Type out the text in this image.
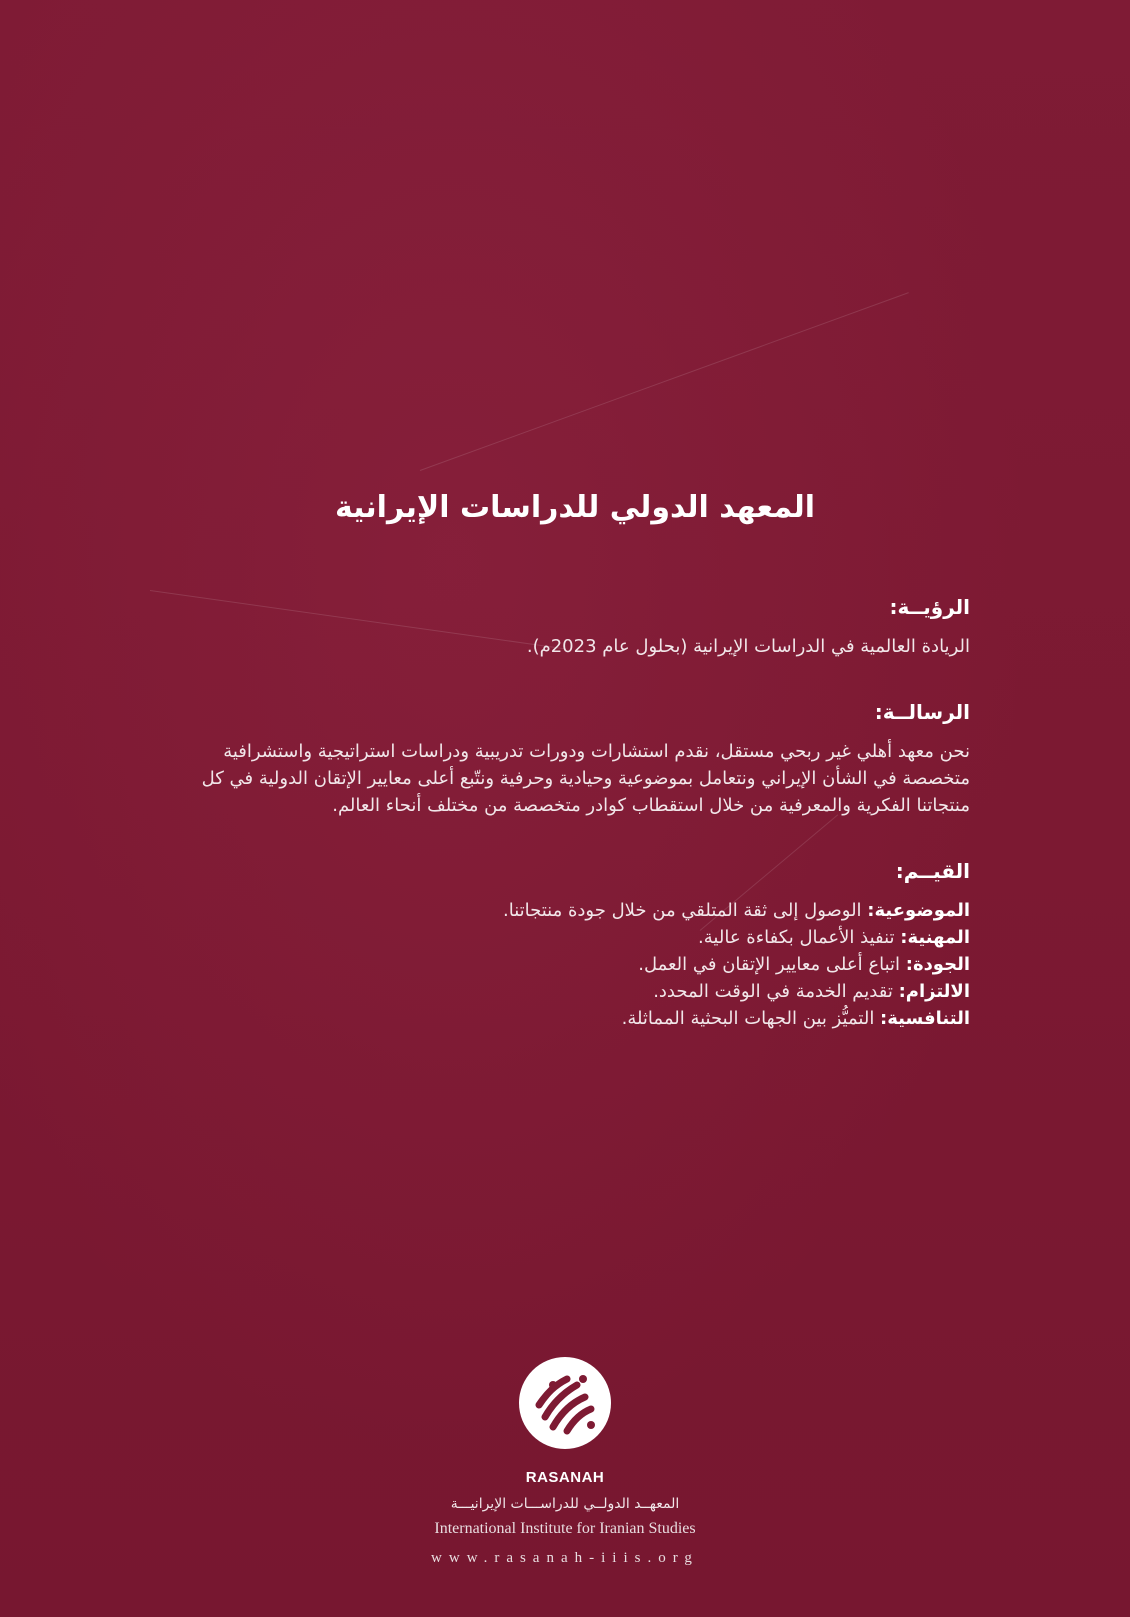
المعهد الدولي للدراسات الإيرانية
الرؤيــة:
الريادة العالمية في الدراسات الإيرانية (بحلول عام 2023م).
الرسالــة:
نحن معهد أهلي غير ربحي مستقل، نقدم استشارات ودورات تدريبية ودراسات استراتيجية واستشرافية متخصصة في الشأن الإيراني ونتعامل بموضوعية وحيادية وحرفية ونتّبع أعلى معايير الإتقان الدولية في كل منتجاتنا الفكرية والمعرفية من خلال استقطاب كوادر متخصصة من مختلف أنحاء العالم.
القيــم:
الموضوعية: الوصول إلى ثقة المتلقي من خلال جودة منتجاتنا.
المهنية: تنفيذ الأعمال بكفاءة عالية.
الجودة: اتباع أعلى معايير الإتقان في العمل.
الالتزام: تقديم الخدمة في الوقت المحدد.
التنافسية: التميُّز بين الجهات البحثية المماثلة.
RASANAH
المعهــد الدولــي للدراســـات الإيرانيـــة
International Institute for Iranian Studies
www.rasanah-iiis.org
